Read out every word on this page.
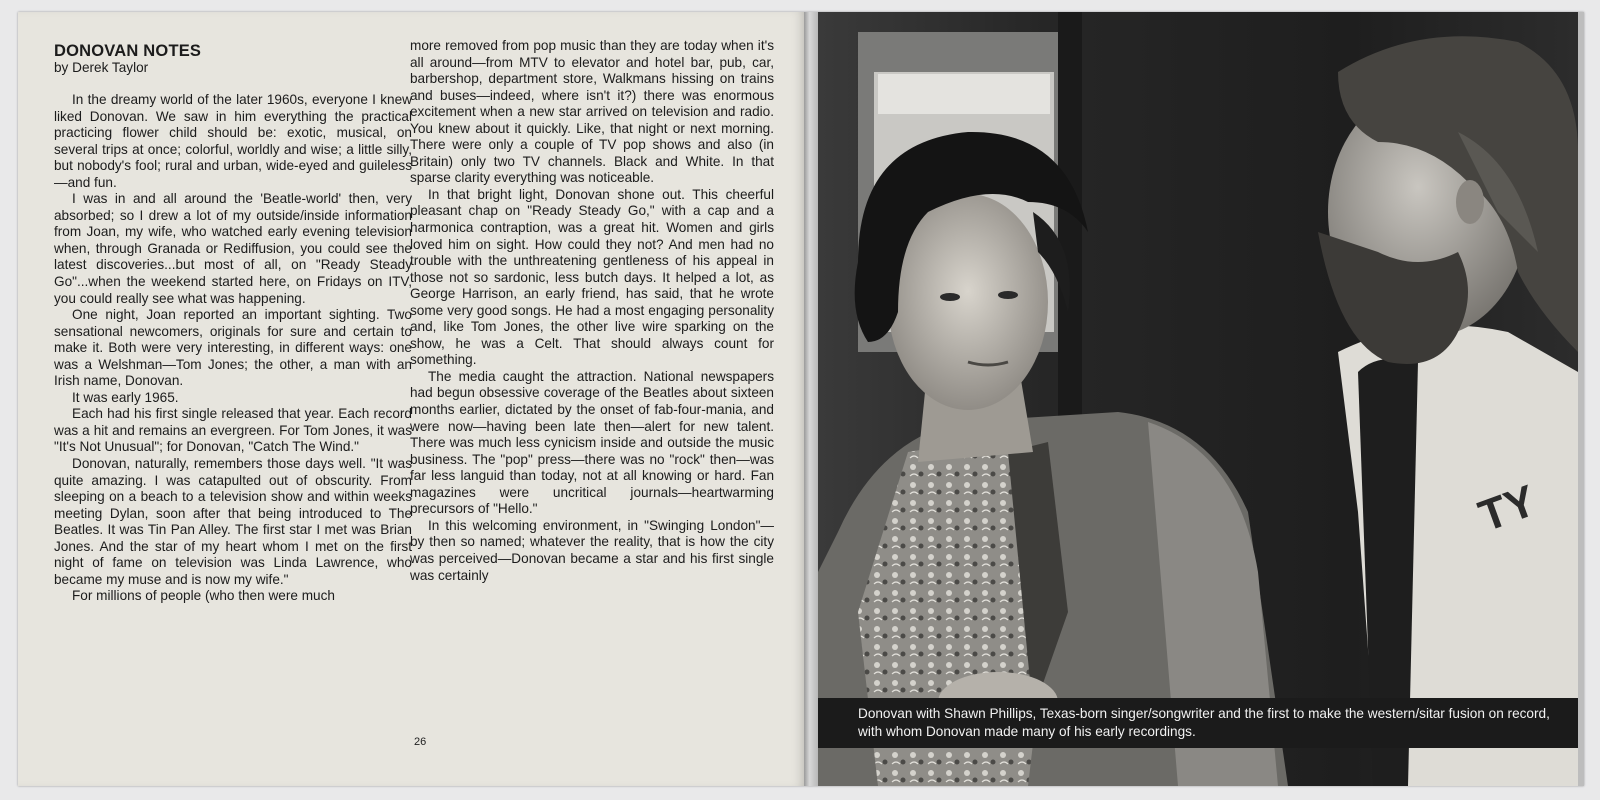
DONOVAN NOTES

by Derek Taylor

In the dreamy world of the later 1960s, everyone I knew liked Donovan. We saw in him everything the practical practicing flower child should be: exotic, musical, on several trips at once; colorful, worldly and wise; a little silly, but nobody's fool; rural and urban, wide-eyed and guileless—and fun.

I was in and all around the 'Beatle-world' then, very absorbed; so I drew a lot of my outside/inside information from Joan, my wife, who watched early evening television when, through Granada or Rediffusion, you could see the latest discoveries...but most of all, on "Ready Steady Go"...when the weekend started here, on Fridays on ITV, you could really see what was happening.

One night, Joan reported an important sighting. Two sensational newcomers, originals for sure and certain to make it. Both were very interesting, in different ways: one was a Welshman—Tom Jones; the other, a man with an Irish name, Donovan.

It was early 1965.

Each had his first single released that year. Each record was a hit and remains an evergreen. For Tom Jones, it was "It's Not Unusual"; for Donovan, "Catch The Wind."

Donovan, naturally, remembers those days well. "It was quite amazing. I was catapulted out of obscurity. From sleeping on a beach to a television show and within weeks meeting Dylan, soon after that being introduced to The Beatles. It was Tin Pan Alley. The first star I met was Brian Jones. And the star of my heart whom I met on the first night of fame on television was Linda Lawrence, who became my muse and is now my wife."

For millions of people (who then were much

more removed from pop music than they are today when it's all around—from MTV to elevator and hotel bar, pub, car, barbershop, department store, Walkmans hissing on trains and buses—indeed, where isn't it?) there was enormous excitement when a new star arrived on television and radio. You knew about it quickly. Like, that night or next morning. There were only a couple of TV pop shows and also (in Britain) only two TV channels. Black and White. In that sparse clarity everything was noticeable.

In that bright light, Donovan shone out. This cheerful pleasant chap on "Ready Steady Go," with a cap and a harmonica contraption, was a great hit. Women and girls loved him on sight. How could they not? And men had no trouble with the unthreatening gentleness of his appeal in those not so sardonic, less butch days. It helped a lot, as George Harrison, an early friend, has said, that he wrote some very good songs. He had a most engaging personality and, like Tom Jones, the other live wire sparking on the show, he was a Celt. That should always count for something.

The media caught the attraction. National newspapers had begun obsessive coverage of the Beatles about sixteen months earlier, dictated by the onset of fab-four-mania, and were now—having been late then—alert for new talent. There was much less cynicism inside and outside the music business. The "pop" press—there was no "rock" then—was far less languid than today, not at all knowing or hard. Fan magazines were uncritical journals—heartwarming precursors of "Hello."

In this welcoming environment, in "Swinging London"—by then so named; whatever the reality, that is how the city was perceived—Donovan became a star and his first single was certainly

26
TY

Donovan with Shawn Phillips, Texas-born singer/songwriter and the first to make the western/sitar fusion on record, with whom Donovan made many of his early recordings.
